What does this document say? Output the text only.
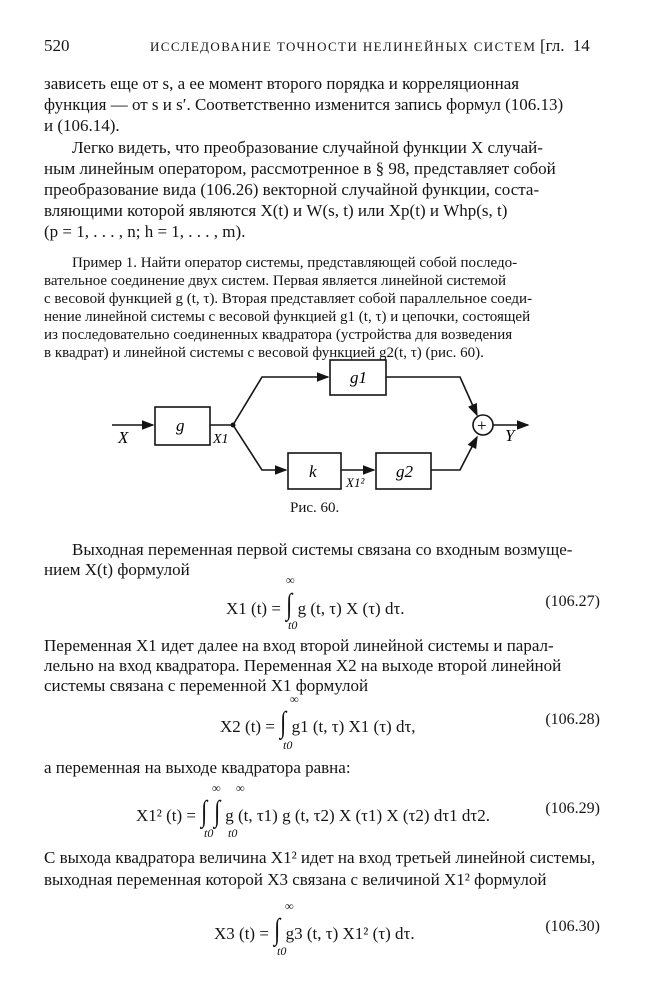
520	ИССЛЕДОВАНИЕ ТОЧНОСТИ НЕЛИНЕЙНЫХ СИСТЕМ [гл. 14
зависеть еще от s, а ее момент второго порядка и корреляционная
функция — от s и s′. Соответственно изменится запись формул (106.13)
и (106.14).
Легко видеть, что преобразование случайной функции X случай-
ным линейным оператором, рассмотренное в § 98, представляет собой
преобразование вида (106.26) векторной случайной функции, соста-
вляющими которой являются X(t) и W(s, t) или Xp(t) и Whp(s, t)
(p = 1, . . . , n; h = 1, . . . , m).
Пример 1. Найти оператор системы, представляющей собой последо-
вательное соединение двух систем. Первая является линейной системой
с весовой функцией g (t, τ). Вторая представляет собой параллельное соеди-
нение линейной системы с весовой функцией g1 (t, τ) и цепочки, состоящей
из последовательно соединенных квадратора (устройства для возведения
в квадрат) и линейной системы с весовой функцией g2(t, τ) (рис. 60).
X
g
X1
g1
k
X1²
g2
+
Y
Рис. 60.
Выходная переменная первой системы связана со входным возмуще-
нием X(t) формулой
X1 (t) = ∫ g (t, τ) X (τ) dτ.
∞
t0
(106.27)
Переменная X1 идет далее на вход второй линейной системы и парал-
лельно на вход квадратора. Переменная X2 на выходе второй линейной
системы связана с переменной X1 формулой
X2 (t) = ∫ g1 (t, τ) X1 (τ) dτ,
∞
t0
(106.28)
а переменная на выходе квадратора равна:
X1² (t) = ∫ ∫ g (t, τ1) g (t, τ2) X (τ1) X (τ2) dτ1 dτ2.
∞ ∞
t0 t0
(106.29)
С выхода квадратора величина X1² идет на вход третьей линейной системы,
выходная переменная которой X3 связана с величиной X1² формулой
X3 (t) = ∫ g3 (t, τ) X1² (τ) dτ.
∞
t0
(106.30)
